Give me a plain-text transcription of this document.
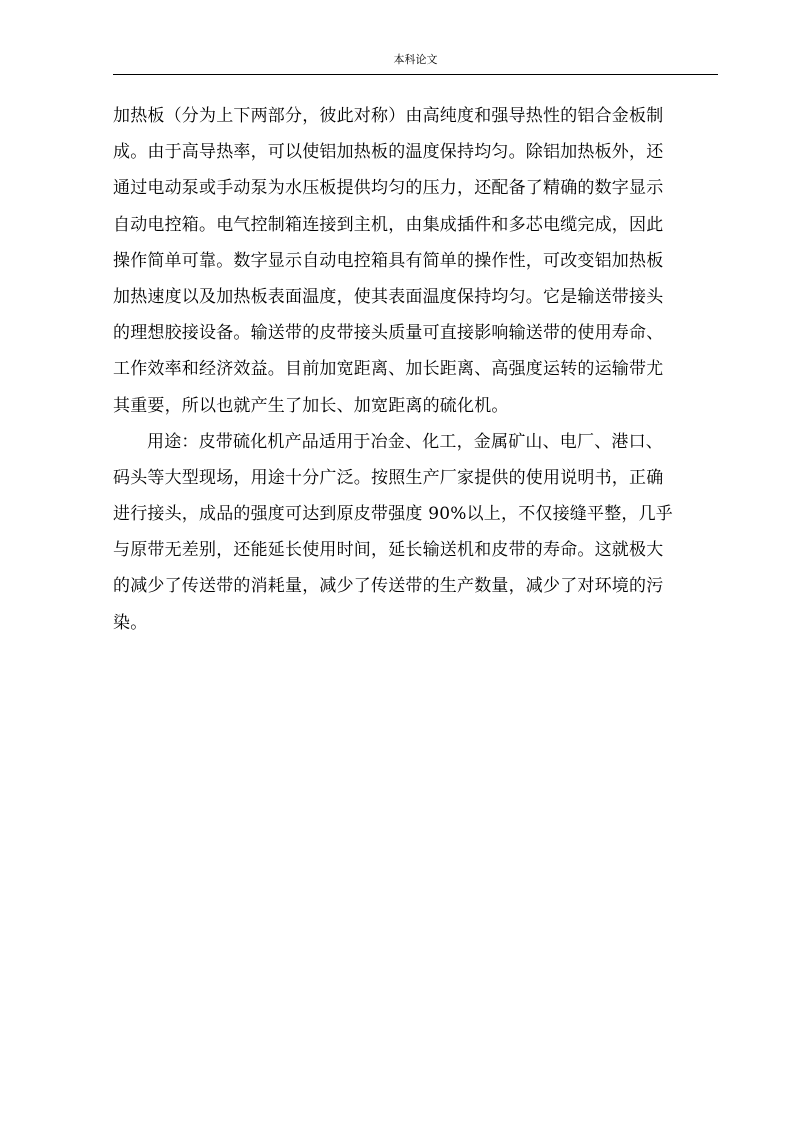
本科论文
加热板（分为上下两部分，彼此对称）由高纯度和强导热性的铝合金板制
成。由于高导热率，可以使铝加热板的温度保持均匀。除铝加热板外，还
通过电动泵或手动泵为水压板提供均匀的压力，还配备了精确的数字显示
自动电控箱。电气控制箱连接到主机，由集成插件和多芯电缆完成，因此
操作简单可靠。数字显示自动电控箱具有简单的操作性，可改变铝加热板
加热速度以及加热板表面温度，使其表面温度保持均匀。它是输送带接头
的理想胶接设备。输送带的皮带接头质量可直接影响输送带的使用寿命、
工作效率和经济效益。目前加宽距离、加长距离、高强度运转的运输带尤
其重要，所以也就产生了加长、加宽距离的硫化机。
用途：皮带硫化机产品适用于冶金、化工，金属矿山、电厂、港口、
码头等大型现场，用途十分广泛。按照生产厂家提供的使用说明书，正确
进行接头，成品的强度可达到原皮带强度 90%以上，不仅接缝平整，几乎
与原带无差别，还能延长使用时间，延长输送机和皮带的寿命。这就极大
的减少了传送带的消耗量，减少了传送带的生产数量，减少了对环境的污
染。
